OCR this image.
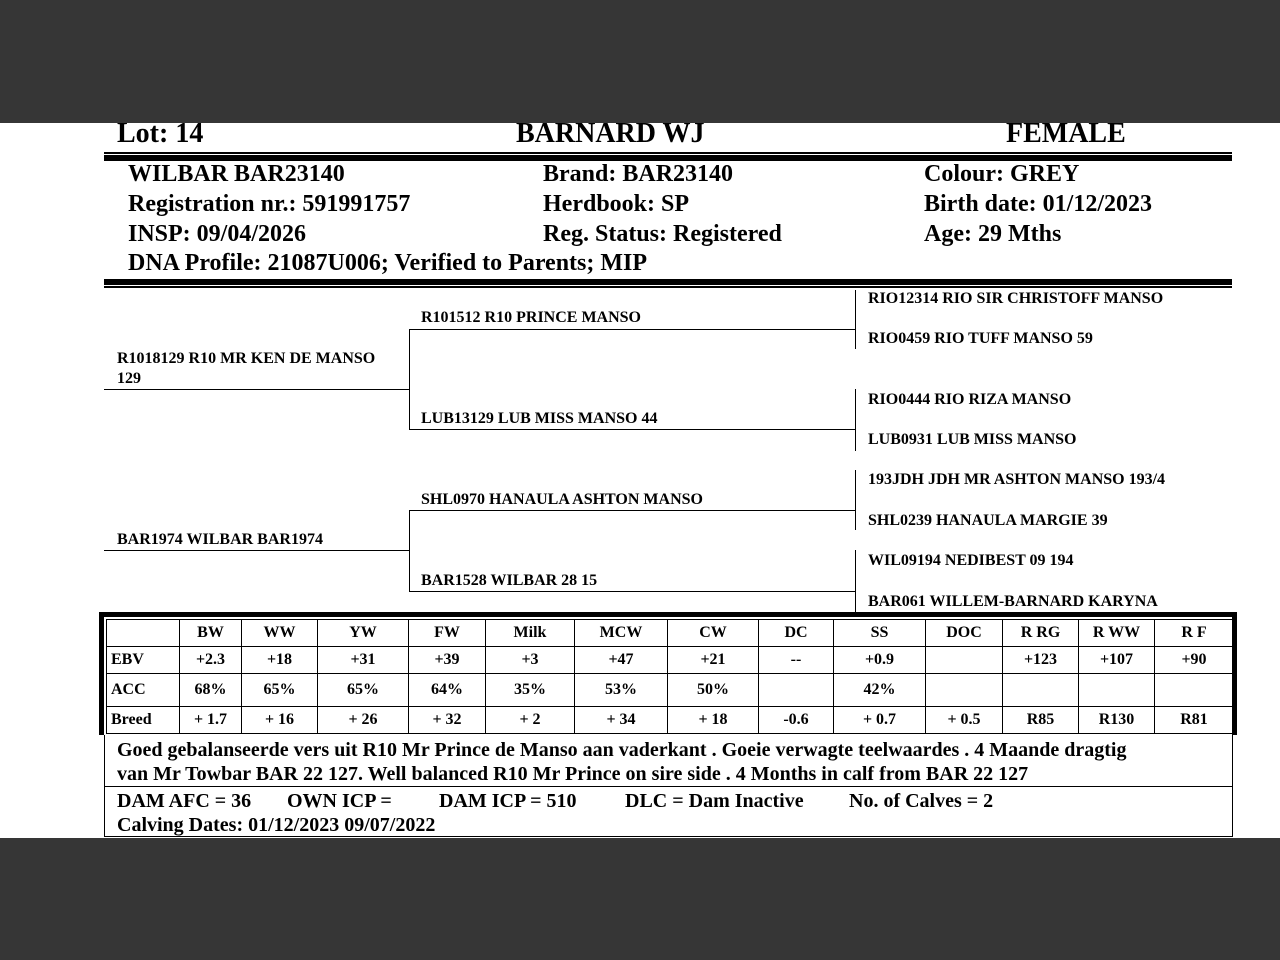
Lot: 14	BARNARD WJ	FEMALE
WILBAR BAR23140
Registration nr.: 591991757
INSP: 09/04/2026
DNA Profile: 21087U006; Verified to Parents; MIP
Brand: BAR23140
Herdbook: SP
Reg. Status: Registered
Colour: GREY
Birth date: 01/12/2023
Age: 29 Mths
R1018129 R10 MR KEN DE MANSO
129
BAR1974 WILBAR BAR1974
R101512 R10 PRINCE MANSO
LUB13129 LUB MISS MANSO 44
SHL0970 HANAULA ASHTON MANSO
BAR1528 WILBAR 28 15
RIO12314 RIO SIR CHRISTOFF MANSO
RIO0459 RIO TUFF MANSO 59
RIO0444 RIO RIZA MANSO
LUB0931 LUB MISS MANSO
193JDH JDH MR ASHTON MANSO 193/4
SHL0239 HANAULA MARGIE 39
WIL09194 NEDIBEST 09 194
BAR061 WILLEM-BARNARD KARYNA
	BW	WW	YW	FW	Milk	MCW	CW	DC	SS	DOC	R RG	R WW	R F
EBV	+2.3	+18	+31	+39	+3	+47	+21	--	+0.9		+123	+107	+90
ACC	68%	65%	65%	64%	35%	53%	50%		42%				
Breed	+ 1.7	+ 16	+ 26	+ 32	+ 2	+ 34	+ 18	-0.6	+ 0.7	+ 0.5	R85	R130	R81
Goed gebalanseerde vers uit R10 Mr Prince de Manso aan vaderkant . Goeie verwagte teelwaardes . 4 Maande dragtig
van Mr Towbar BAR 22 127. Well balanced R10 Mr Prince on sire side . 4 Months in calf from BAR 22 127
DAM AFC = 36 OWN ICP = DAM ICP = 510 DLC = Dam Inactive No. of Calves = 2
Calving Dates: 01/12/2023 09/07/2022
